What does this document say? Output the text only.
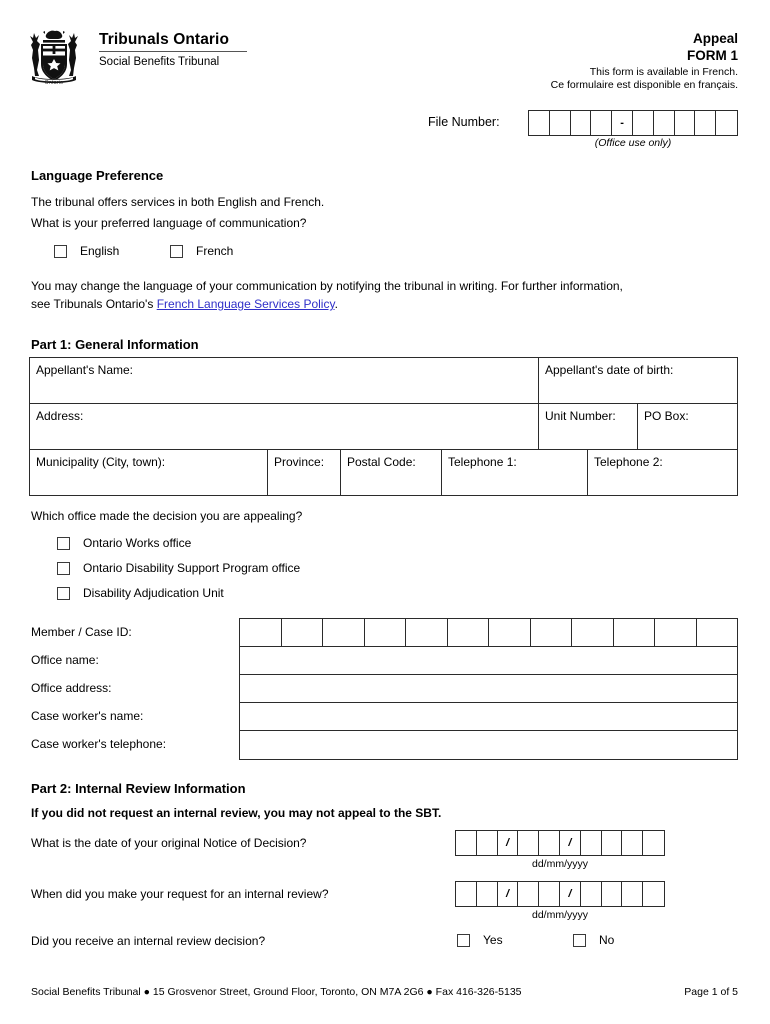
Ontario
Tribunals Ontario
Social Benefits Tribunal
Appeal
FORM 1
This form is available in French.
Ce formulaire est disponible en français.
File Number:	-
(Office use only)
Language Preference
The tribunal offers services in both English and French.
What is your preferred language of communication?
English	French
You may change the language of your communication by notifying the tribunal in writing. For further information,
see Tribunals Ontario's French Language Services Policy.
Part 1: General Information
Appellant's Name:	Appellant's date of birth:
Address:	Unit Number:	PO Box:
Municipality (City, town):	Province:	Postal Code:	Telephone 1:	Telephone 2:
Which office made the decision you are appealing?
Ontario Works office
Ontario Disability Support Program office
Disability Adjudication Unit
Member / Case ID:
Office name:
Office address:
Case worker's name:
Case worker's telephone:
Part 2: Internal Review Information
If you did not request an internal review, you may not appeal to the SBT.
What is the date of your original Notice of Decision?	/	/
dd/mm/yyyy
When did you make your request for an internal review?	/	/
dd/mm/yyyy
Did you receive an internal review decision?	Yes	No
Social Benefits Tribunal ● 15 Grosvenor Street, Ground Floor, Toronto, ON M7A 2G6 ● Fax 416-326-5135	Page 1 of 5
